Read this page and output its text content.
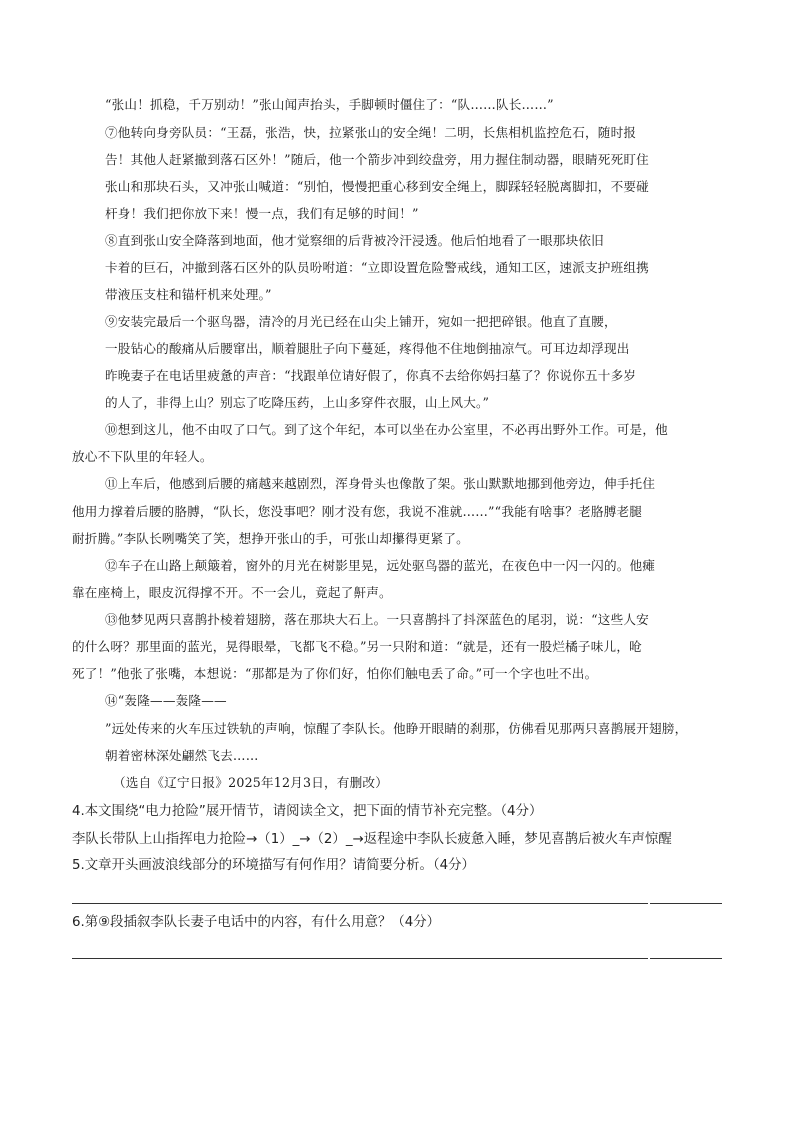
“张山！抓稳，千万别动！”张山闻声抬头，手脚顿时僵住了：“队……队长……”
⑦他转向身旁队员：“王磊，张浩，快，拉紧张山的安全绳！二明，长焦相机监控危石，随时报
告！其他人赶紧撤到落石区外！”随后，他一个箭步冲到绞盘旁，用力握住制动器，眼睛死死盯住
张山和那块石头，又冲张山喊道：“别怕，慢慢把重心移到安全绳上，脚踩轻轻脱离脚扣，不要碰
杆身！我们把你放下来！慢一点，我们有足够的时间！”
⑧直到张山安全降落到地面，他才觉察细的后背被冷汗浸透。他后怕地看了一眼那块依旧
卡着的巨石，冲撤到落石区外的队员吩咐道：“立即设置危险警戒线，通知工区，速派支护班组携
带液压支柱和锚杆机来处理。”
⑨安装完最后一个驱鸟器，清冷的月光已经在山尖上铺开，宛如一把把碎银。他直了直腰，
一股钻心的酸痛从后腰窜出，顺着腿肚子向下蔓延，疼得他不住地倒抽凉气。可耳边却浮现出
昨晚妻子在电话里疲惫的声音：“找跟单位请好假了，你真不去给你妈扫墓了？你说你五十多岁
的人了，非得上山？别忘了吃降压药，上山多穿件衣服，山上风大。”
⑩想到这儿，他不由叹了口气。到了这个年纪，本可以坐在办公室里，不必再出野外工作。可是，他
放心不下队里的年轻人。
⑪上车后，他感到后腰的痛越来越剧烈，浑身骨头也像散了架。张山默默地挪到他旁边，伸手托住
他用力撑着后腰的胳膊，“队长，您没事吧？刚才没有您，我说不准就……”“我能有啥事？老胳膊老腿
耐折腾。”李队长咧嘴笑了笑，想挣开张山的手，可张山却攥得更紧了。
⑫车子在山路上颠簸着，窗外的月光在树影里晃，远处驱鸟器的蓝光，在夜色中一闪一闪的。他瘫
靠在座椅上，眼皮沉得撑不开。不一会儿，竟起了鼾声。
⑬他梦见两只喜鹊扑棱着翅膀，落在那块大石上。一只喜鹊抖了抖深蓝色的尾羽，说：“这些人安
的什么呀？那里面的蓝光，晃得眼晕，飞都飞不稳。”另一只附和道：“就是，还有一股烂橘子味儿，呛
死了！”他张了张嘴，本想说：“那都是为了你们好，怕你们触电丢了命。”可一个字也吐不出。
⑭“轰隆——轰隆——
”远处传来的火车压过铁轨的声响，惊醒了李队长。他睁开眼睛的刹那，仿佛看见那两只喜鹊展开翅膀，
朝着密林深处翩然飞去……
（选自《辽宁日报》2025年12月3日，有删改）
4.本文围绕“电力抢险”展开情节，请阅读全文，把下面的情节补充完整。（4分）
李队长带队上山指挥电力抢险→（1）_→（2）_→返程途中李队长疲惫入睡，梦见喜鹊后被火车声惊醒
5.文章开头画波浪线部分的环境描写有何作用？请简要分析。（4分）
6.第⑨段插叙李队长妻子电话中的内容，有什么用意？（4分）
